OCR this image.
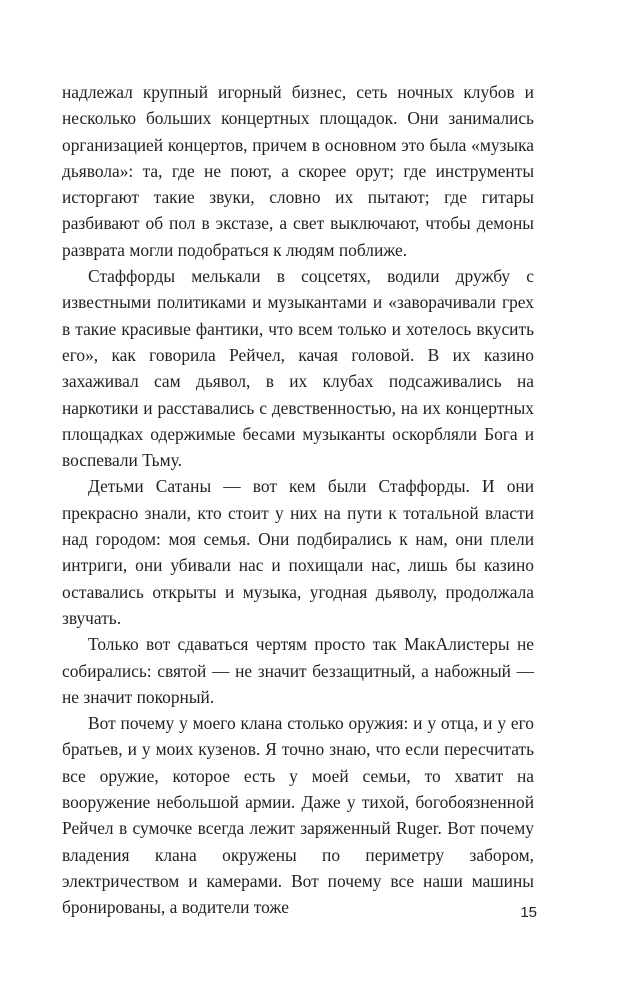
надлежал крупный игорный бизнес, сеть ночных клубов и несколько больших концертных площадок. Они занимались организацией концертов, причем в основном это была «музыка дьявола»: та, где не поют, а скорее орут; где инструменты исторгают такие звуки, словно их пытают; где гитары разбивают об пол в экстазе, а свет выключают, чтобы демоны разврата могли подобраться к людям поближе.

Стаффорды мелькали в соцсетях, водили дружбу с известными политиками и музыкантами и «заворачивали грех в такие красивые фантики, что всем только и хотелось вкусить его», как говорила Рейчел, качая головой. В их казино захаживал сам дьявол, в их клубах подсаживались на наркотики и расставались с девственностью, на их концертных площадках одержимые бесами музыканты оскорбляли Бога и воспевали Тьму.

Детьми Сатаны — вот кем были Стаффорды. И они прекрасно знали, кто стоит у них на пути к тотальной власти над городом: моя семья. Они подбирались к нам, они плели интриги, они убивали нас и похищали нас, лишь бы казино оставались открыты и музыка, угодная дьяволу, продолжала звучать.

Только вот сдаваться чертям просто так МакАлистеры не собирались: святой — не значит беззащитный, а набожный — не значит покорный.

Вот почему у моего клана столько оружия: и у отца, и у его братьев, и у моих кузенов. Я точно знаю, что если пересчитать все оружие, которое есть у моей семьи, то хватит на вооружение небольшой армии. Даже у тихой, богобоязненной Рейчел в сумочке всегда лежит заряженный Ruger. Вот почему владения клана окружены по периметру забором, электричеством и камерами. Вот почему все наши машины бронированы, а водители тоже	15
